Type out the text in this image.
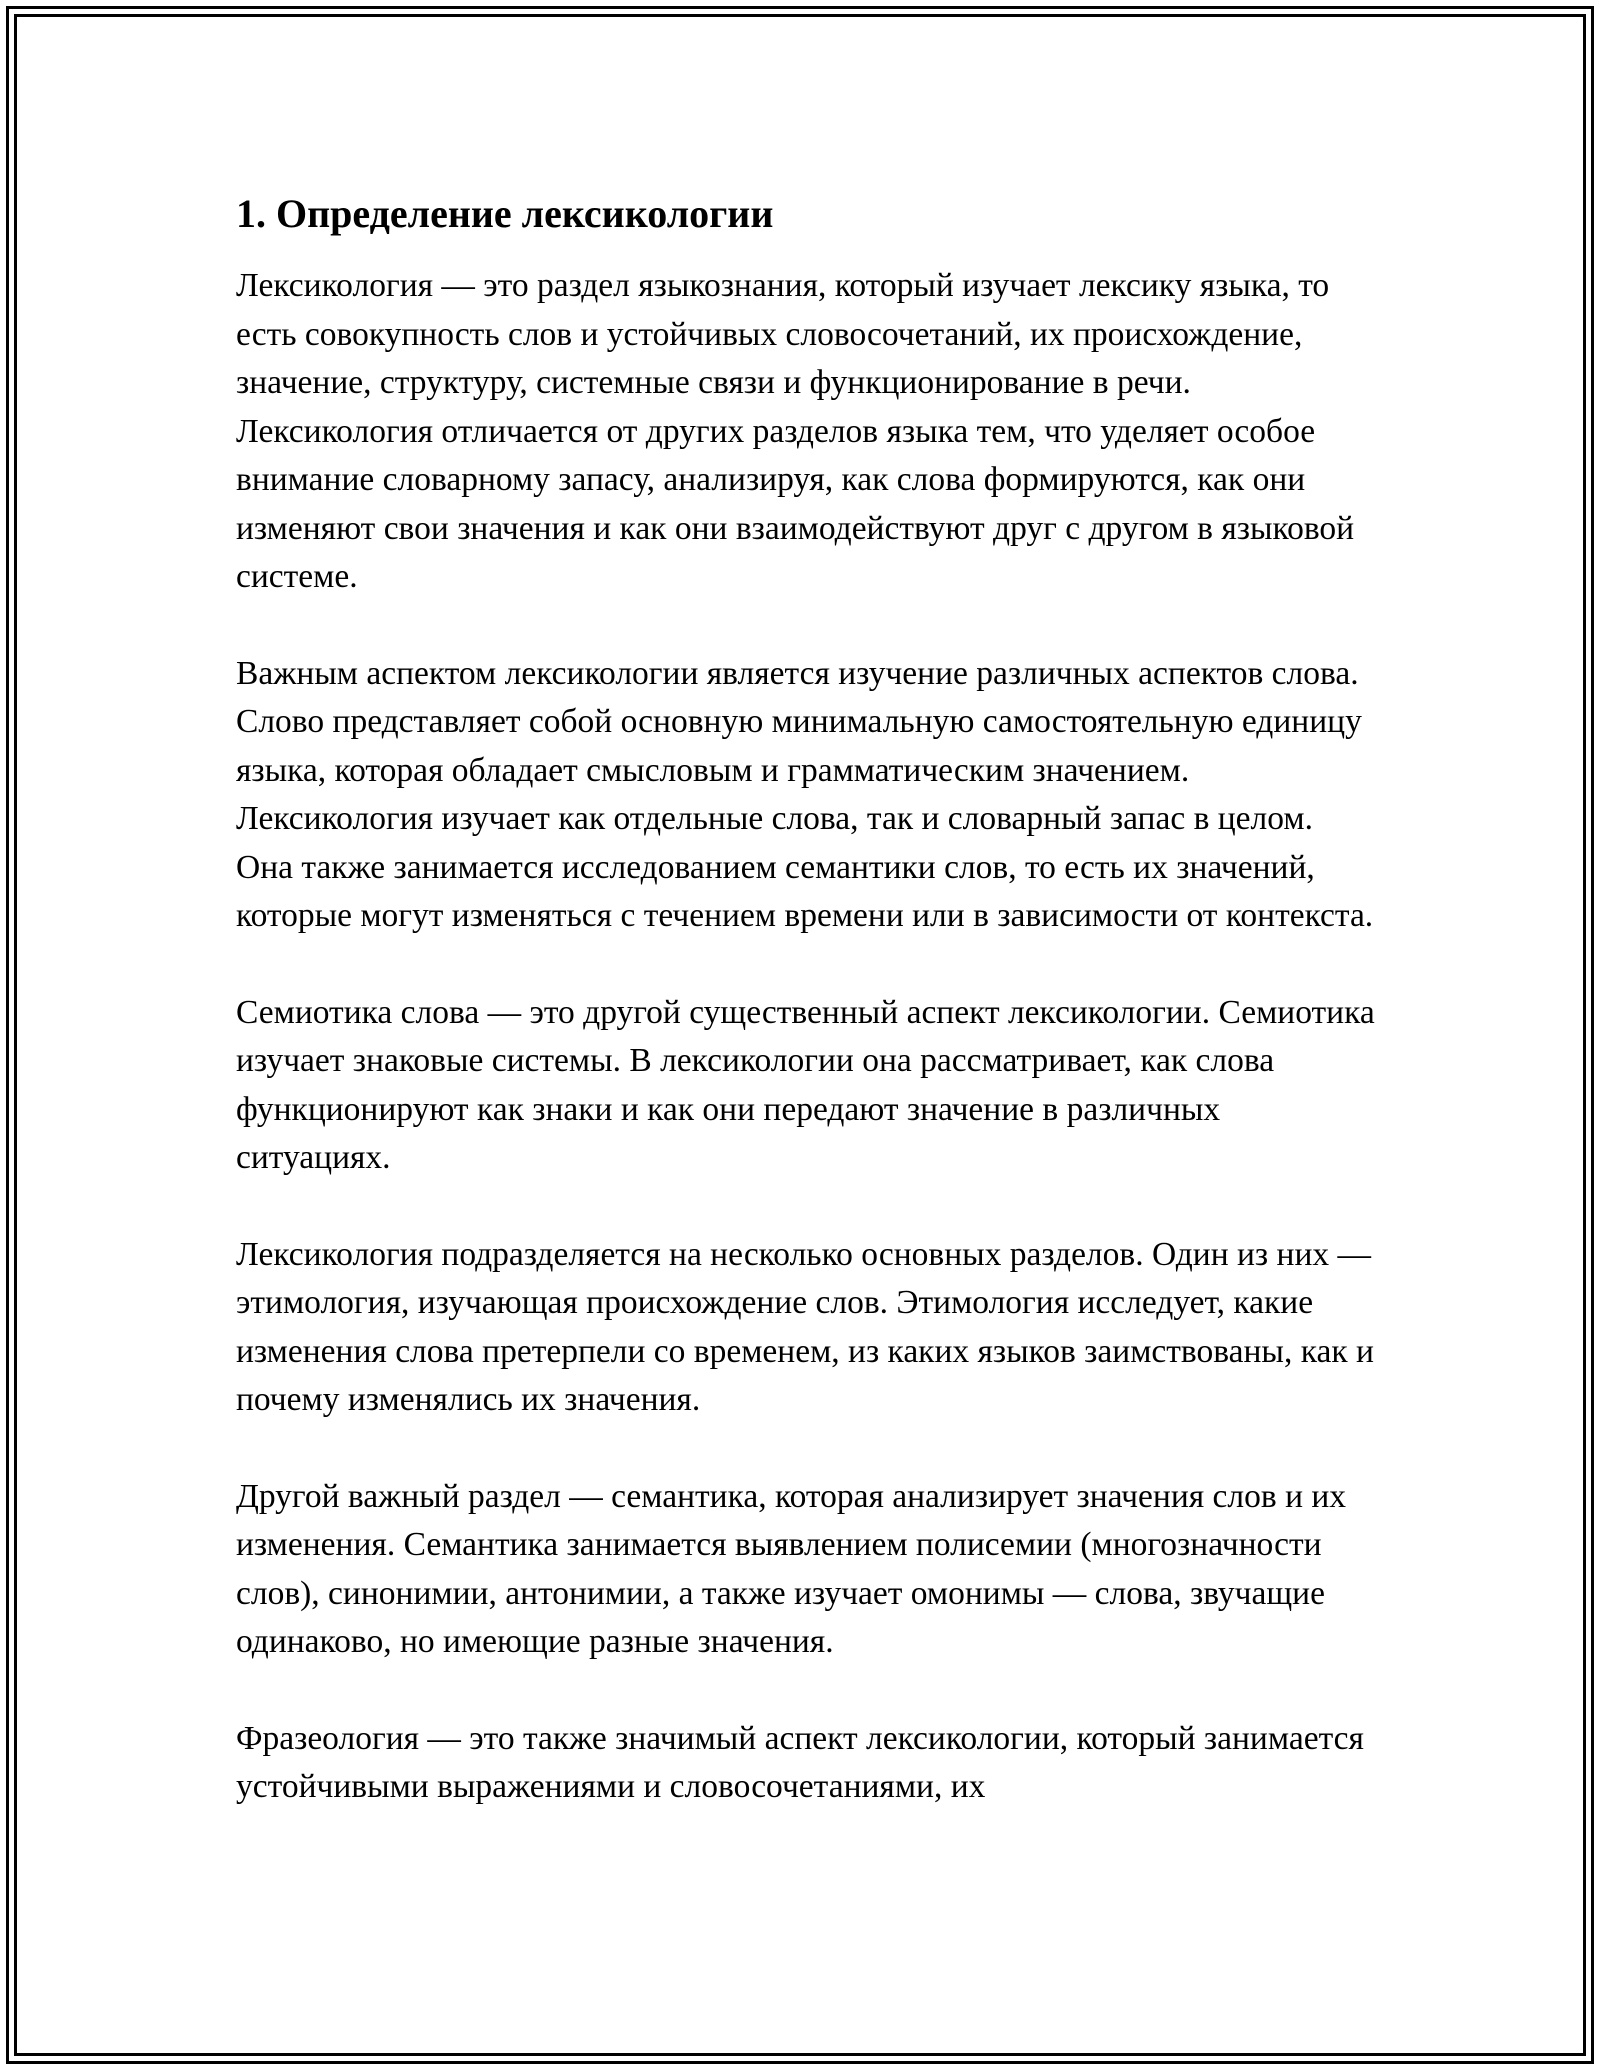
1. Определение лексикологии

Лексикология — это раздел языкознания, который изучает лексику языка, то есть совокупность слов и устойчивых словосочетаний, их происхождение, значение, структуру, системные связи и функционирование в речи. Лексикология отличается от других разделов языка тем, что уделяет особое внимание словарному запасу, анализируя, как слова формируются, как они изменяют свои значения и как они взаимодействуют друг с другом в языковой системе.

Важным аспектом лексикологии является изучение различных аспектов слова. Слово представляет собой основную минимальную самостоятельную единицу языка, которая обладает смысловым и грамматическим значением. Лексикология изучает как отдельные слова, так и словарный запас в целом. Она также занимается исследованием семантики слов, то есть их значений, которые могут изменяться с течением времени или в зависимости от контекста.

Семиотика слова — это другой существенный аспект лексикологии. Семиотика изучает знаковые системы. В лексикологии она рассматривает, как слова функционируют как знаки и как они передают значение в различных ситуациях.

Лексикология подразделяется на несколько основных разделов. Один из них — этимология, изучающая происхождение слов. Этимология исследует, какие изменения слова претерпели со временем, из каких языков заимствованы, как и почему изменялись их значения.

Другой важный раздел — семантика, которая анализирует значения слов и их изменения. Семантика занимается выявлением полисемии (многозначности слов), синонимии, антонимии, а также изучает омонимы — слова, звучащие одинаково, но имеющие разные значения.

Фразеология — это также значимый аспект лексикологии, который занимается устойчивыми выражениями и словосочетаниями, их
